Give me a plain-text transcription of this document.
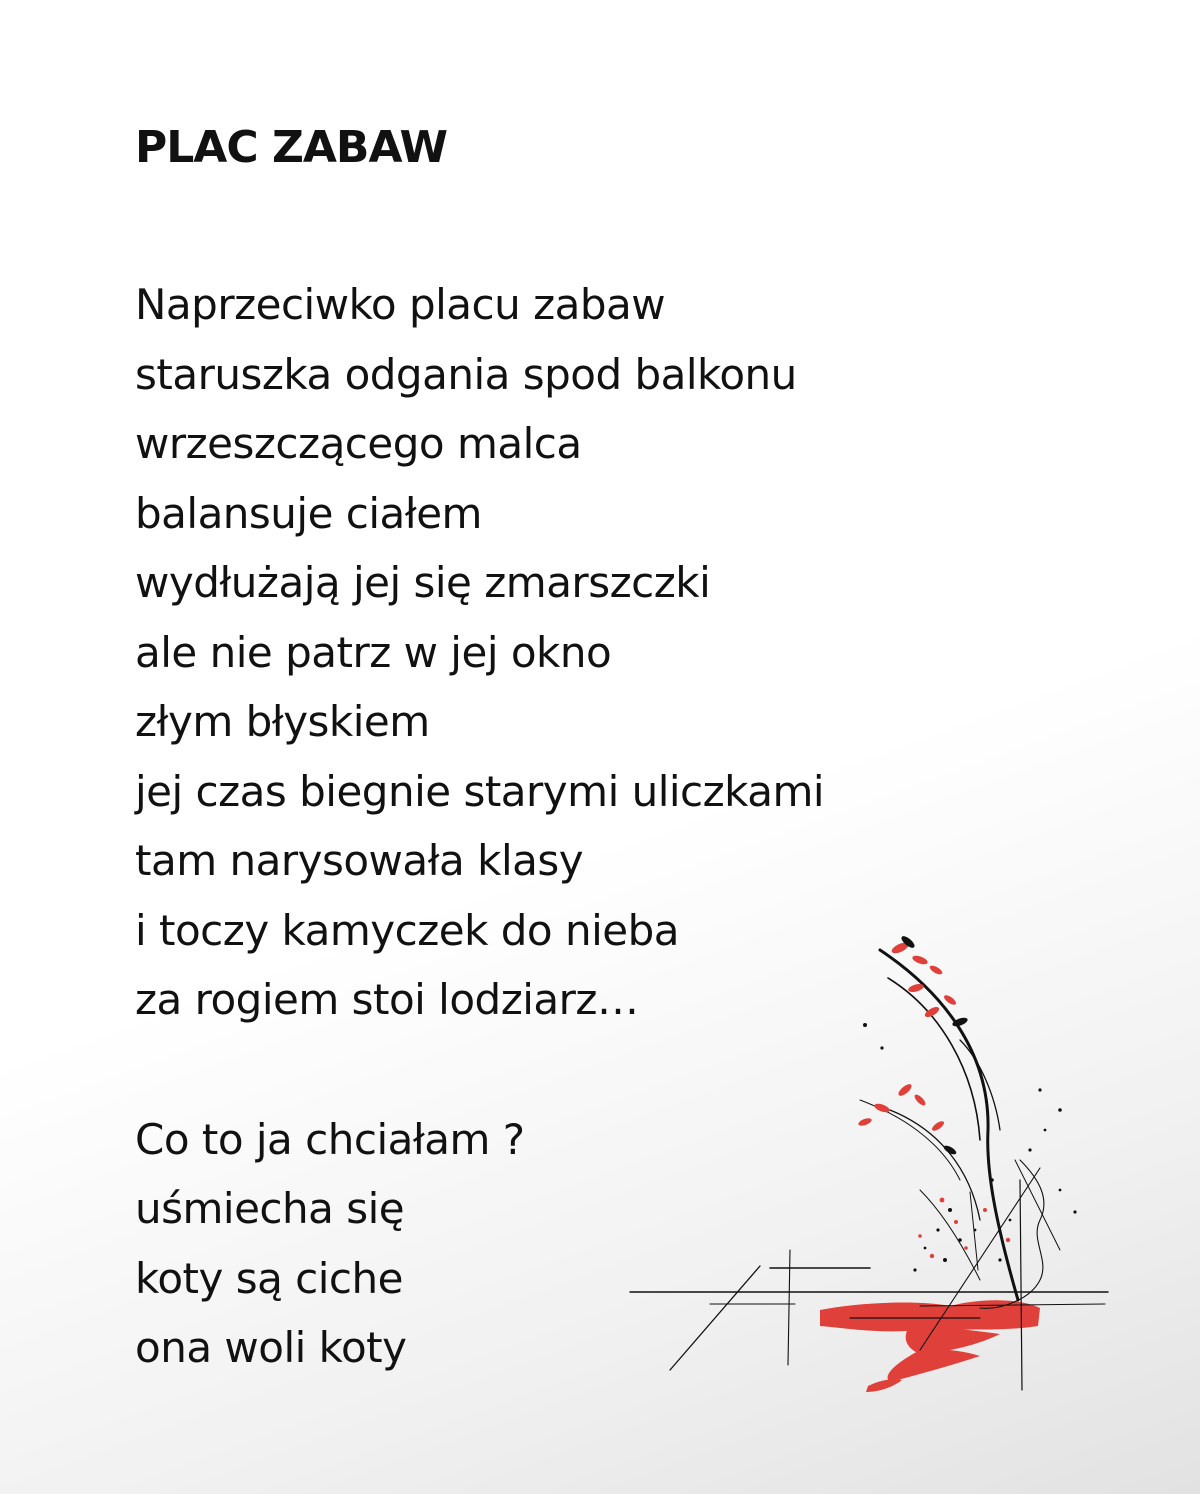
PLAC ZABAW
Naprzeciwko placu zabaw
staruszka odgania spod balkonu
wrzeszczącego malca
balansuje ciałem
wydłużają jej się zmarszczki
ale nie patrz w jej okno
złym błyskiem
jej czas biegnie starymi uliczkami
tam narysowała klasy
i toczy kamyczek do nieba
za rogiem stoi lodziarz…
Co to ja chciałam ?
uśmiecha się
koty są ciche
ona woli koty
